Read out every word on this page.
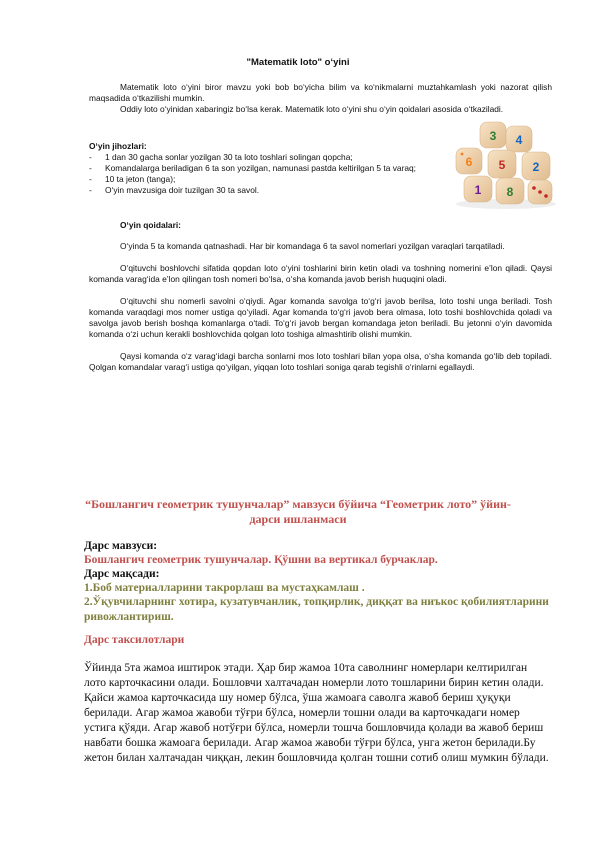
"Matematik loto" o‘yini
Matematik loto o‘yini biror mavzu yoki bob bo‘yicha bilim va ko‘nikmalarni muztahkamlash yoki nazorat qilish maqsadida o‘tkazilishi mumkin.
Oddiy loto o‘yinidan xabaringiz bo‘lsa kerak. Matematik loto o‘yini shu o‘yin qoidalari asosida o‘tkaziladi.
O‘yin jihozlari:
- 1 dan 30 gacha sonlar yozilgan 30 ta loto toshlari solingan qopcha;
- Komandalarga beriladigan 6 ta son yozilgan, namunasi pastda keltirilgan 5 ta varaq;
- 10 ta jeton (tanga);
- O‘yin mavzusiga doir tuzilgan 30 ta savol.
3 4
6 5 2
1 8
O‘yin qoidalari:
O‘yinda 5 ta komanda qatnashadi. Har bir komandaga 6 ta savol nomerlari yozilgan varaqlari tarqatiladi.
O‘qituvchi boshlovchi sifatida qopdan loto o‘yini toshlarini birin ketin oladi va toshning nomerini e’lon qiladi. Qaysi komanda varag‘ida e’lon qilingan tosh nomeri bo‘lsa, o‘sha komanda javob berish huquqini oladi.
O‘qituvchi shu nomerli savolni o‘qiydi. Agar komanda savolga to‘g‘ri javob berilsa, loto toshi unga beriladi. Tosh komanda varaqdagi mos nomer ustiga qo‘yiladi. Agar komanda to‘g‘ri javob bera olmasa, loto toshi boshlovchida qoladi va savolga javob berish boshqa komanlarga o‘tadi. To‘g‘ri javob bergan komandaga jeton beriladi. Bu jetonni o‘yin davomida komanda o‘zi uchun kerakli boshlovchida qolgan loto toshiga almashtirib olishi mumkin.
Qaysi komanda o‘z varag‘idagi barcha sonlarni mos loto toshlari bilan yopa olsa, o‘sha komanda go‘lib deb topiladi. Qolgan komandalar varag‘i ustiga qo‘yilgan, yiqqan loto toshlari soniga qarab tegishli o‘rinlarni egallaydi.
“Бошлангич геометрик тушунчалар” мавзуси бўйича “Геометрик лото” ўйин-дарси ишланмаси
Дарс мавзуси:
Бошлангич геометрик тушунчалар. Қўшни ва вертикал бурчаклар.
Дарс мақсади:
1.Боб материалларини такрорлаш ва мустаҳкамлаш .
2.Ўқувчиларнинг хотира, кузатувчанлик, топқирлик, диққат ва ниъкос қобилиятларини ривожлантириш.
Дарс таксилотлари
Ўйинда 5та жамоа иштирок этади. Ҳар бир жамоа 10та саволнинг номерлари келтирилган лото карточкасини олади. Бошловчи халтачадан номерли лото тошларини бирин кетин олади. Қайси жамоа карточкасида шу номер бўлса, ўша жамоага саволга жавоб бериш ҳуқуқи берилади. Агар жамоа жавоби тўғри бўлса, номерли тошни олади ва карточкадаги номер устига қўяди. Агар жавоб нотўғри бўлса, номерли тошча бошловчида қолади ва жавоб бериш навбати бошка жамоага берилади. Агар жамоа жавоби тўғри бўлса, унга жетон берилади.Бу жетон билан халтачадан чиққан, лекин бошловчида қолган тошни сотиб олиш мумкин бўлади.
